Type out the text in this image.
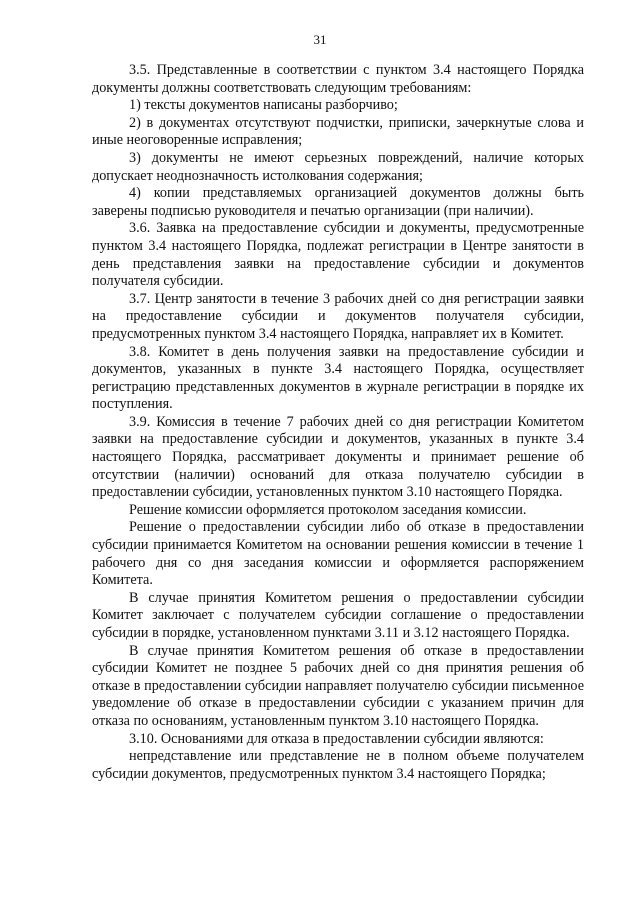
31

3.5. Представленные в соответствии с пунктом 3.4 настоящего Порядка документы должны соответствовать следующим требованиям:

1) тексты документов написаны разборчиво;

2) в документах отсутствуют подчистки, приписки, зачеркнутые слова и иные неоговоренные исправления;

3) документы не имеют серьезных повреждений, наличие которых допускает неоднозначность истолкования содержания;

4) копии представляемых организацией документов должны быть заверены подписью руководителя и печатью организации (при наличии).

3.6. Заявка на предоставление субсидии и документы, предусмотренные пунктом 3.4 настоящего Порядка, подлежат регистрации в Центре занятости в день представления заявки на предоставление субсидии и документов получателя субсидии.

3.7. Центр занятости в течение 3 рабочих дней со дня регистрации заявки на предоставление субсидии и документов получателя субсидии, предусмотренных пунктом 3.4 настоящего Порядка, направляет их в Комитет.

3.8. Комитет в день получения заявки на предоставление субсидии и документов, указанных в пункте 3.4 настоящего Порядка, осуществляет регистрацию представленных документов в журнале регистрации в порядке их поступления.

3.9. Комиссия в течение 7 рабочих дней со дня регистрации Комитетом заявки на предоставление субсидии и документов, указанных в пункте 3.4 настоящего Порядка, рассматривает документы и принимает решение об отсутствии (наличии) оснований для отказа получателю субсидии в предоставлении субсидии, установленных пунктом 3.10 настоящего Порядка.

Решение комиссии оформляется протоколом заседания комиссии.

Решение о предоставлении субсидии либо об отказе в предоставлении субсидии принимается Комитетом на основании решения комиссии в течение 1 рабочего дня со дня заседания комиссии и оформляется распоряжением Комитета.

В случае принятия Комитетом решения о предоставлении субсидии Комитет заключает с получателем субсидии соглашение о предоставлении субсидии в порядке, установленном пунктами 3.11 и 3.12 настоящего Порядка.

В случае принятия Комитетом решения об отказе в предоставлении субсидии Комитет не позднее 5 рабочих дней со дня принятия решения об отказе в предоставлении субсидии направляет получателю субсидии письменное уведомление об отказе в предоставлении субсидии с указанием причин для отказа по основаниям, установленным пунктом 3.10 настоящего Порядка.

3.10. Основаниями для отказа в предоставлении субсидии являются:

непредставление или представление не в полном объеме получателем субсидии документов, предусмотренных пунктом 3.4 настоящего Порядка;
